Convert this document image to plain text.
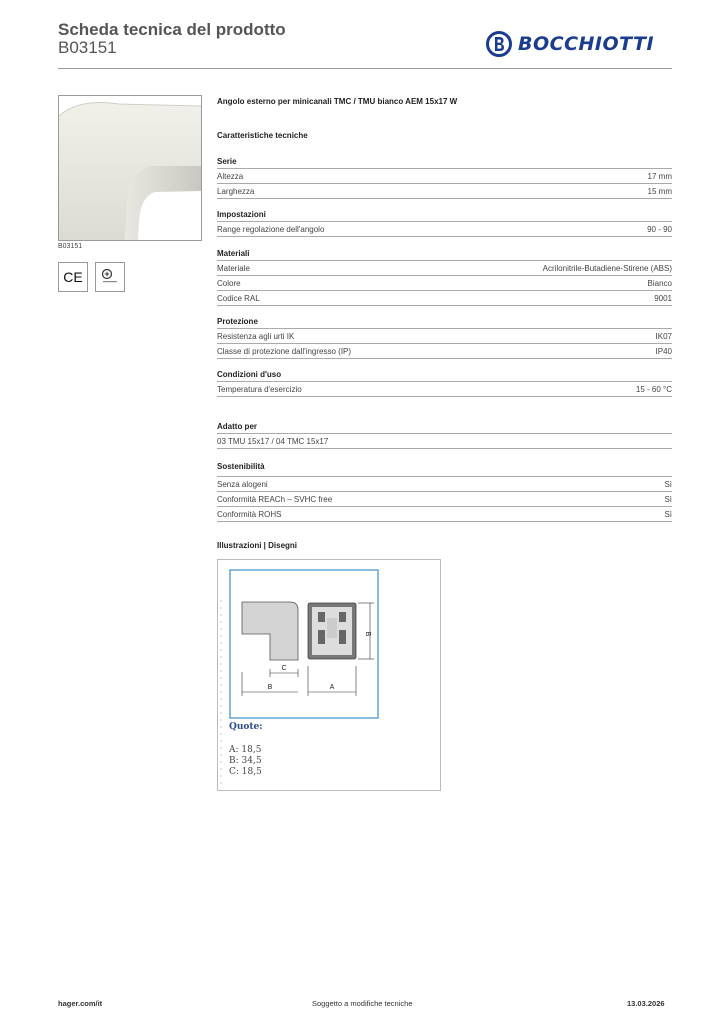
Scheda tecnica del prodotto
B03151	BOCCHIOTTI
B03151
CE
Angolo esterno per minicanali TMC / TMU bianco AEM 15x17 W
Caratteristiche tecniche
Serie
Altezza	17 mm
Larghezza	15 mm
Impostazioni
Range regolazione dell'angolo	90 - 90
Materiali
Materiale	Acrilonitrile-Butadiene-Stirene (ABS)
Colore	Bianco
Codice RAL	9001
Protezione
Resistenza agli urti IK	IK07
Classe di protezione dall'ingresso (IP)	IP40
Condizioni d'uso
Temperatura d'esercizio	15 - 60 °C
Adatto per
03 TMU 15x17 / 04 TMC 15x17
Sostenibilità
Senza alogeni	Sì
Conformità REACh – SVHC free	Sì
Conformità ROHS	Sì
Illustrazioni | Disegni
C
B	A
B
Quote:
A: 18,5
B: 34,5
C: 18,5
hager.com/it	Soggetto a modifiche tecniche	13.03.2026
